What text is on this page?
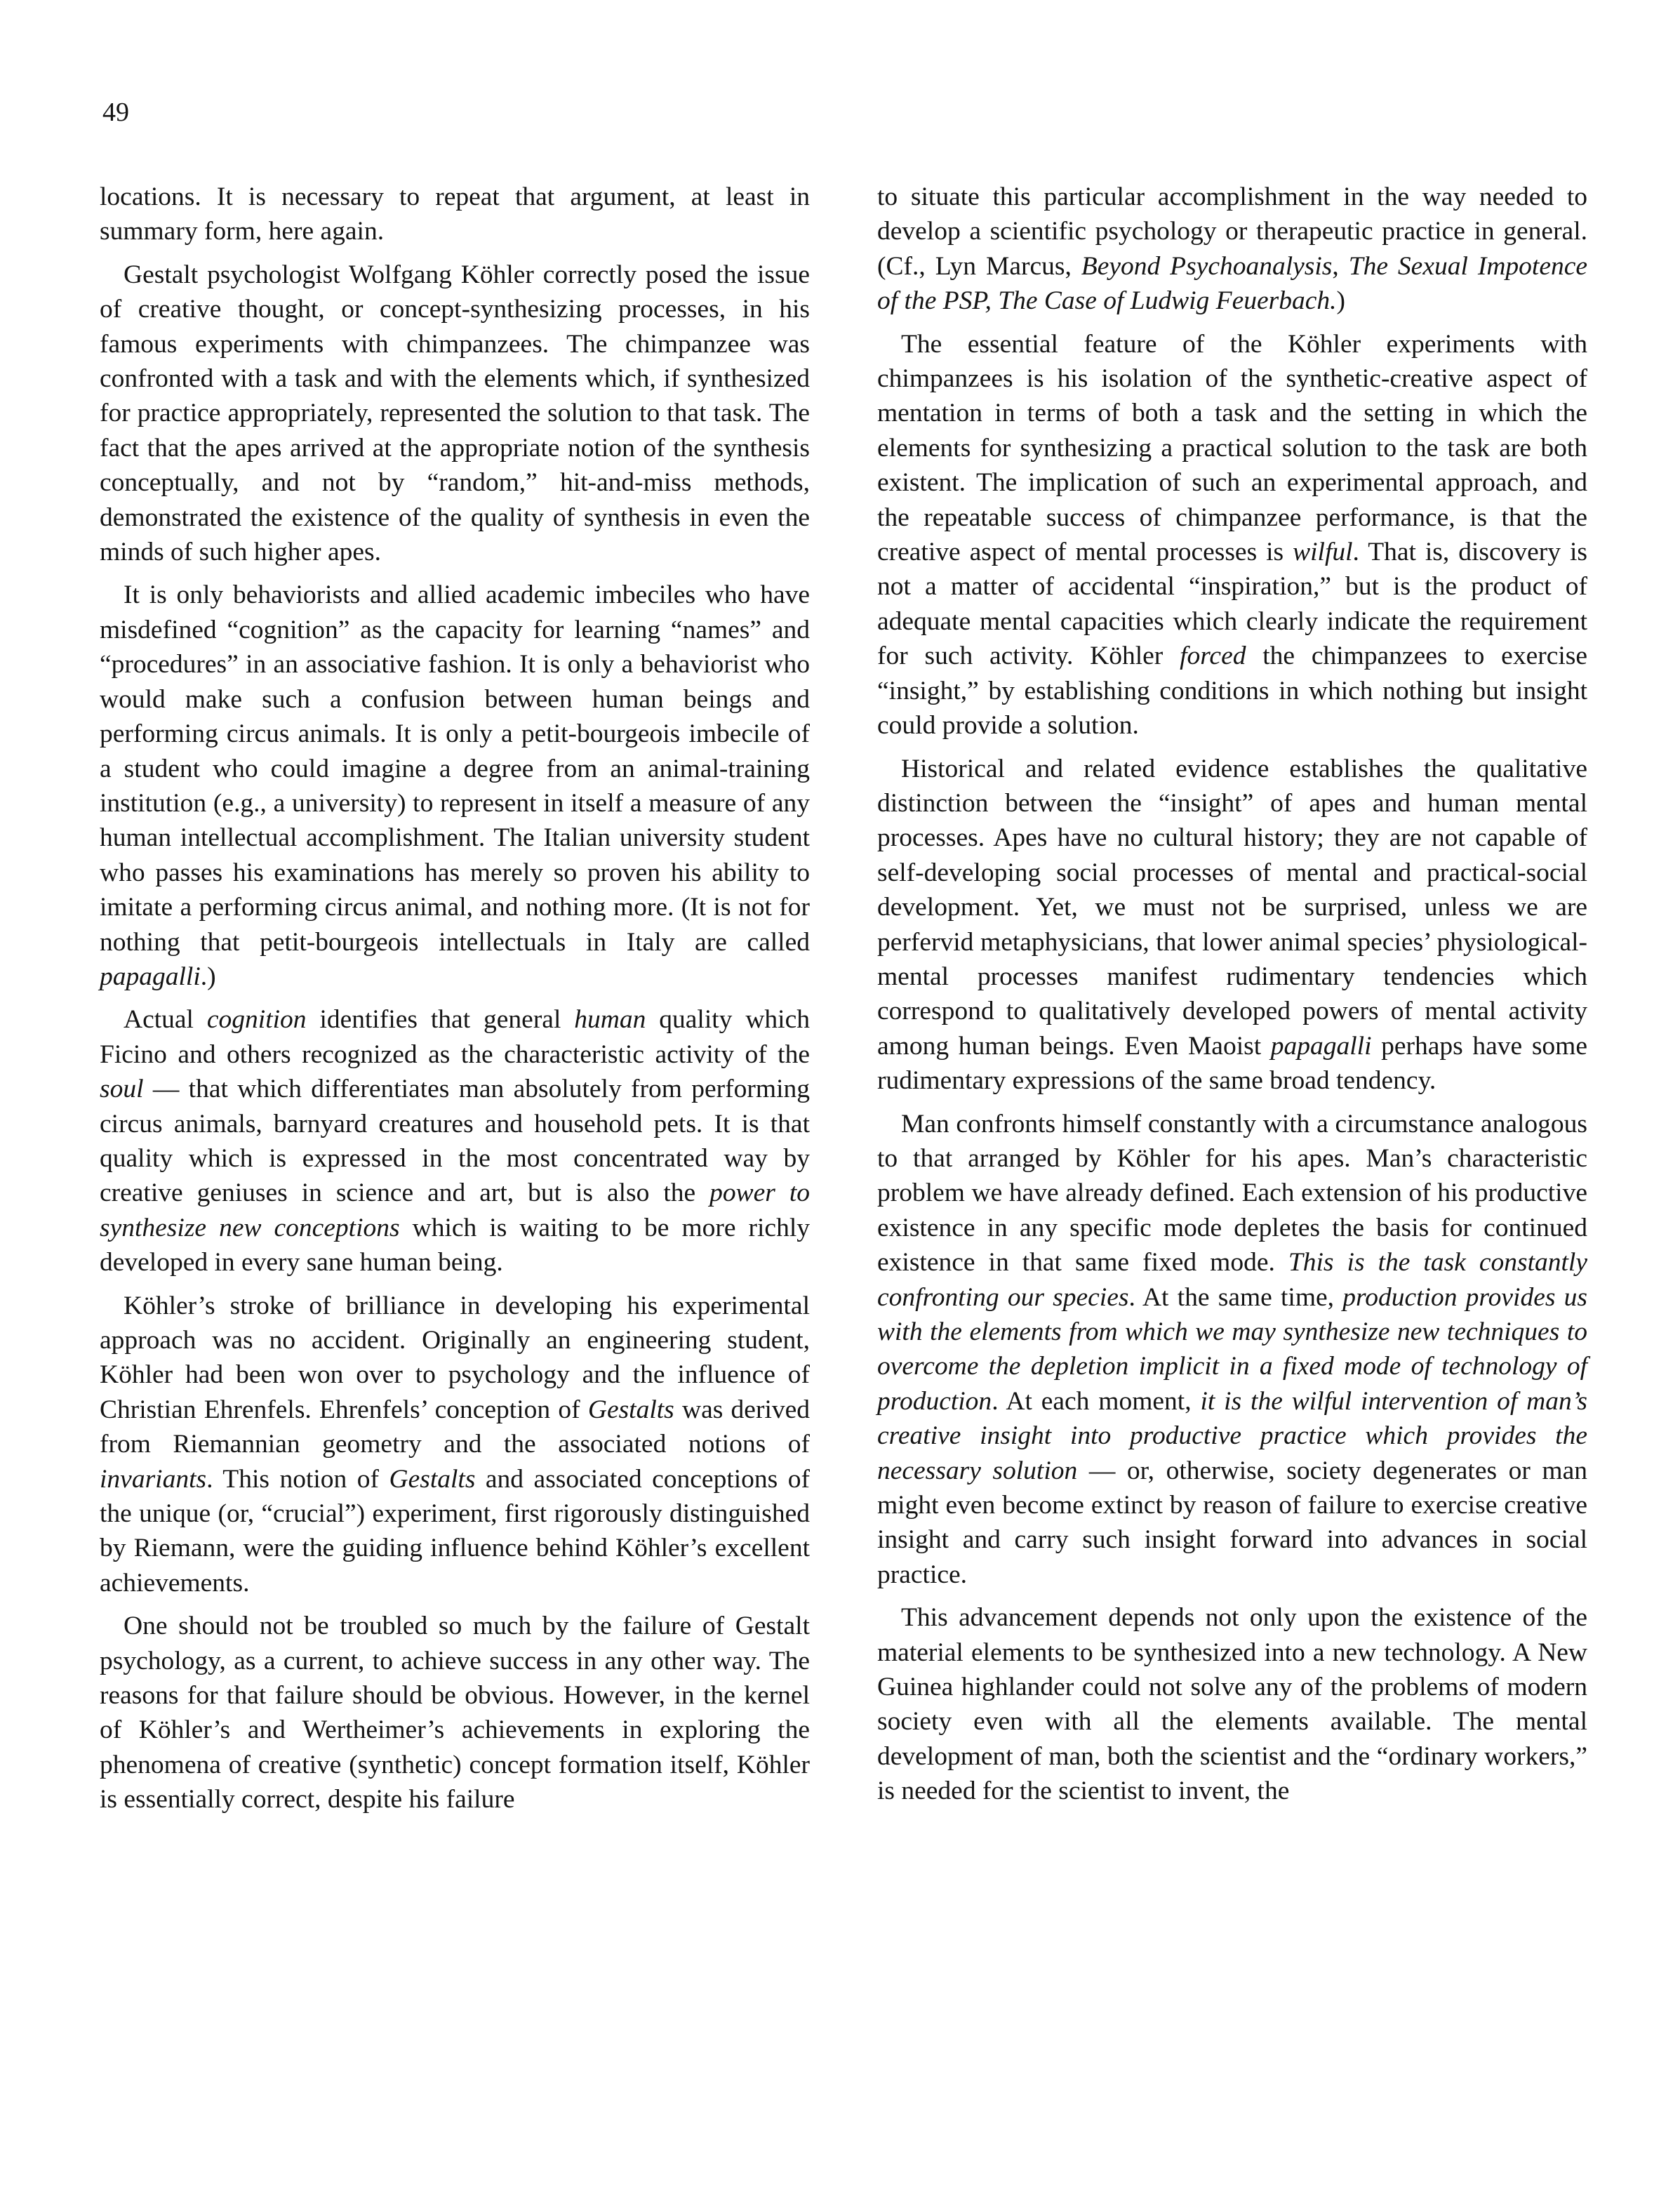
49

locations. It is necessary to repeat that argument, at least in summary form, here again.

Gestalt psychologist Wolfgang Köhler correctly posed the issue of creative thought, or concept-synthesizing processes, in his famous experiments with chimpanzees. The chimpanzee was confronted with a task and with the elements which, if synthesized for practice appropriately, represented the solution to that task. The fact that the apes arrived at the appropriate notion of the synthesis conceptually, and not by “random,” hit-and-miss methods, demonstrated the existence of the quality of synthesis in even the minds of such higher apes.

It is only behaviorists and allied academic imbeciles who have misdefined “cognition” as the capacity for learning “names” and “procedures” in an associative fashion. It is only a behaviorist who would make such a confusion between human beings and performing circus animals. It is only a petit-bourgeois imbecile of a student who could imagine a degree from an animal-training institution (e.g., a university) to represent in itself a measure of any human intellectual accomplishment. The Italian university student who passes his examinations has merely so proven his ability to imitate a performing circus animal, and nothing more. (It is not for nothing that petit-bourgeois intellectuals in Italy are called papagalli.)

Actual cognition identifies that general human quality which Ficino and others recognized as the characteristic activity of the soul — that which differentiates man absolutely from performing circus animals, barnyard creatures and household pets. It is that quality which is expressed in the most concentrated way by creative geniuses in science and art, but is also the power to synthesize new conceptions which is waiting to be more richly developed in every sane human being.

Köhler’s stroke of brilliance in developing his experimental approach was no accident. Originally an engineering student, Köhler had been won over to psychology and the influence of Christian Ehrenfels. Ehrenfels’ conception of Gestalts was derived from Riemannian geometry and the associated notions of invariants. This notion of Gestalts and associated conceptions of the unique (or, “crucial”) experiment, first rigorously distinguished by Riemann, were the guiding influence behind Köhler’s excellent achievements.

One should not be troubled so much by the failure of Gestalt psychology, as a current, to achieve success in any other way. The reasons for that failure should be obvious. However, in the kernel of Köhler’s and Wertheimer’s achievements in exploring the phenomena of creative (synthetic) concept formation itself, Köhler is essentially correct, despite his failure

to situate this particular accomplishment in the way needed to develop a scientific psychology or therapeutic practice in general. (Cf., Lyn Marcus, Beyond Psychoanalysis, The Sexual Impotence of the PSP, The Case of Ludwig Feuerbach.)

The essential feature of the Köhler experiments with chimpanzees is his isolation of the synthetic-creative aspect of mentation in terms of both a task and the setting in which the elements for synthesizing a practical solution to the task are both existent. The implication of such an experimental approach, and the repeatable success of chimpanzee performance, is that the creative aspect of mental processes is wilful. That is, discovery is not a matter of accidental “inspiration,” but is the product of adequate mental capacities which clearly indicate the requirement for such activity. Köhler forced the chimpanzees to exercise “insight,” by establishing conditions in which nothing but insight could provide a solution.

Historical and related evidence establishes the qualitative distinction between the “insight” of apes and human mental processes. Apes have no cultural history; they are not capable of self-developing social processes of mental and practical-social development. Yet, we must not be surprised, unless we are perfervid metaphysicians, that lower animal species’ physiological-mental processes manifest rudimentary tendencies which correspond to qualitatively developed powers of mental activity among human beings. Even Maoist papagalli perhaps have some rudimentary expressions of the same broad tendency.

Man confronts himself constantly with a circumstance analogous to that arranged by Köhler for his apes. Man’s characteristic problem we have already defined. Each extension of his productive existence in any specific mode depletes the basis for continued existence in that same fixed mode. This is the task constantly confronting our species. At the same time, production provides us with the elements from which we may synthesize new techniques to overcome the depletion implicit in a fixed mode of technology of production. At each moment, it is the wilful intervention of man’s creative insight into productive practice which provides the necessary solution — or, otherwise, society degenerates or man might even become extinct by reason of failure to exercise creative insight and carry such insight forward into advances in social practice.

This advancement depends not only upon the existence of the material elements to be synthesized into a new technology. A New Guinea highlander could not solve any of the problems of modern society even with all the elements available. The mental development of man, both the scientist and the “ordinary workers,” is needed for the scientist to invent, the
